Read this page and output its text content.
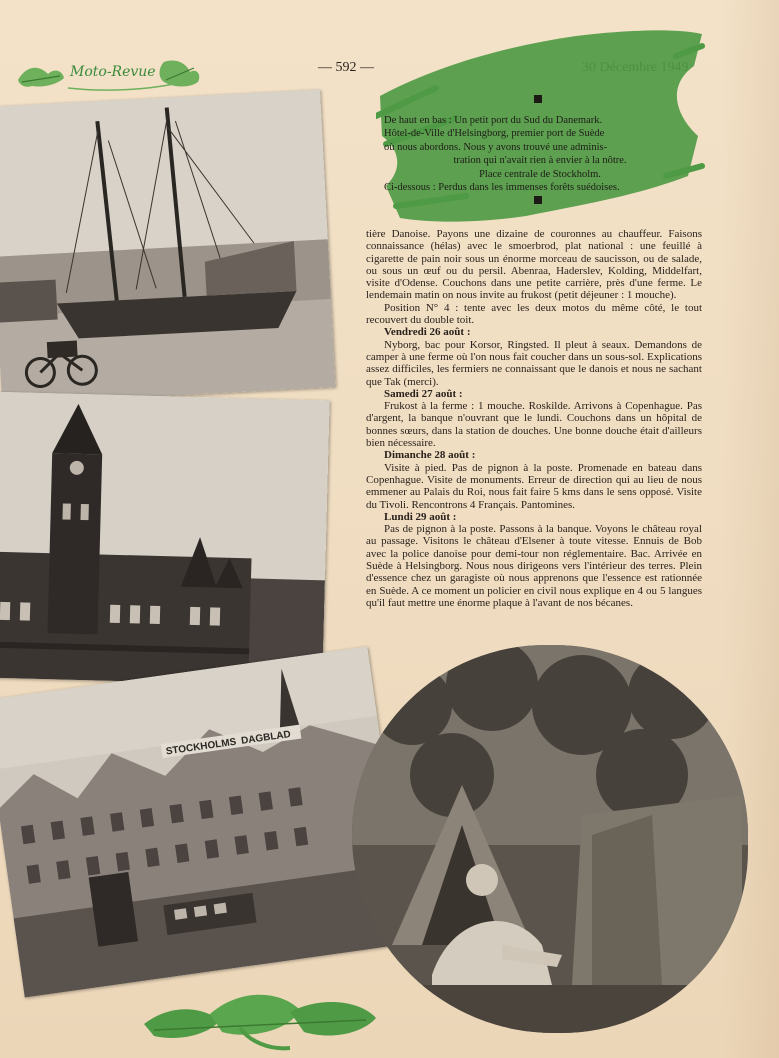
Moto-Revue	— 592 —
De haut en bas : Un petit port du Sud du Danemark.
Hôtel-de-Ville d'Helsingborg, premier port de Suède
où nous abordons. Nous y avons trouvé une adminis-
tration qui n'avait rien à envier à la nôtre.
Place centrale de Stockholm.
Ci-dessous : Perdus dans les immenses forêts suédoises.

tière Danoise. Payons une dizaine de couronnes au chauffeur. Faisons connaissance (hélas) avec le smoerbrod, plat national : une feuillé à cigarette de pain noir sous un énorme morceau de saucisson, ou de salade, ou sous un œuf ou du persil. Abenraa, Haderslev, Kolding, Middelfart, visite d'Odense. Couchons dans une petite carrière, près d'une ferme. Le lendemain matin on nous invite au frukost (petit déjeuner : 1 mouche).

Position N° 4 : tente avec les deux motos du même côté, le tout recouvert du double toit.

Vendredi 26 août :

Nyborg, bac pour Korsor, Ringsted. Il pleut à seaux. Demandons de camper à une ferme où l'on nous fait coucher dans un sous-sol. Explications assez difficiles, les fermiers ne connaissant que le danois et nous ne sachant que Tak (merci).

Samedi 27 août :

Frukost à la ferme : 1 mouche. Roskilde. Arrivons à Copenhague. Pas d'argent, la banque n'ouvrant que le lundi. Couchons dans un hôpital de bonnes sœurs, dans la station de douches. Une bonne douche était d'ailleurs bien nécessaire.

Dimanche 28 août :

Visite à pied. Pas de pignon à la poste. Promenade en bateau dans Copenhague. Visite de monuments. Erreur de direction qui au lieu de nous emmener au Palais du Roi, nous fait faire 5 kms dans le sens opposé. Visite du Tivoli. Rencontrons 4 Français. Pantomines.

Lundi 29 août :

Pas de pignon à la poste. Passons à la banque. Voyons le château royal au passage. Visitons le château d'Elsener à toute vitesse. Ennuis de Bob avec la police danoise pour demi-tour non réglementaire. Bac. Arrivée en Suède à Helsingborg. Nous nous dirigeons vers l'intérieur des terres. Plein d'essence chez un garagiste où nous apprenons que l'essence est rationnée en Suède. A ce moment un policier en civil nous explique en 4 ou 5 langues qu'il faut mettre une énorme plaque à l'avant de nos bécanes.

STOCKHOLMS DAGBLAD
